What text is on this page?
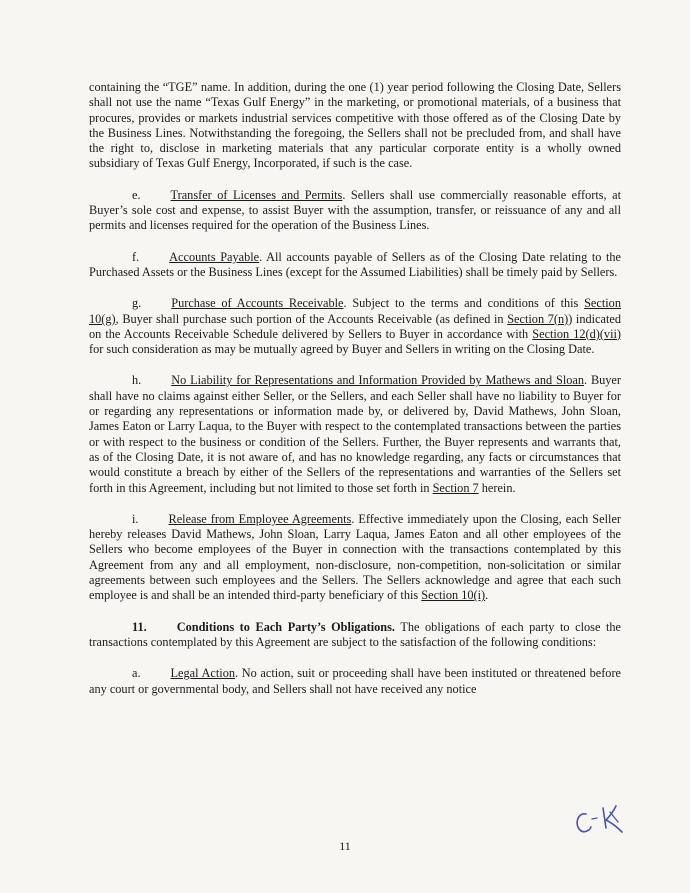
containing the “TGE” name. In addition, during the one (1) year period following the Closing Date, Sellers shall not use the name “Texas Gulf Energy” in the marketing, or promotional materials, of a business that procures, provides or markets industrial services competitive with those offered as of the Closing Date by the Business Lines. Notwithstanding the foregoing, the Sellers shall not be precluded from, and shall have the right to, disclose in marketing materials that any particular corporate entity is a wholly owned subsidiary of Texas Gulf Energy, Incorporated, if such is the case.

e. Transfer of Licenses and Permits. Sellers shall use commercially reasonable efforts, at Buyer’s sole cost and expense, to assist Buyer with the assumption, transfer, or reissuance of any and all permits and licenses required for the operation of the Business Lines.

f. Accounts Payable. All accounts payable of Sellers as of the Closing Date relating to the Purchased Assets or the Business Lines (except for the Assumed Liabilities) shall be timely paid by Sellers.

g. Purchase of Accounts Receivable. Subject to the terms and conditions of this Section 10(g), Buyer shall purchase such portion of the Accounts Receivable (as defined in Section 7(n)) indicated on the Accounts Receivable Schedule delivered by Sellers to Buyer in accordance with Section 12(d)(vii) for such consideration as may be mutually agreed by Buyer and Sellers in writing on the Closing Date.

h. No Liability for Representations and Information Provided by Mathews and Sloan. Buyer shall have no claims against either Seller, or the Sellers, and each Seller shall have no liability to Buyer for or regarding any representations or information made by, or delivered by, David Mathews, John Sloan, James Eaton or Larry Laqua, to the Buyer with respect to the contemplated transactions between the parties or with respect to the business or condition of the Sellers. Further, the Buyer represents and warrants that, as of the Closing Date, it is not aware of, and has no knowledge regarding, any facts or circumstances that would constitute a breach by either of the Sellers of the representations and warranties of the Sellers set forth in this Agreement, including but not limited to those set forth in Section 7 herein.

i. Release from Employee Agreements. Effective immediately upon the Closing, each Seller hereby releases David Mathews, John Sloan, Larry Laqua, James Eaton and all other employees of the Sellers who become employees of the Buyer in connection with the transactions contemplated by this Agreement from any and all employment, non-disclosure, non-competition, non-solicitation or similar agreements between such employees and the Sellers. The Sellers acknowledge and agree that each such employee is and shall be an intended third-party beneficiary of this Section 10(i).

11. Conditions to Each Party’s Obligations. The obligations of each party to close the transactions contemplated by this Agreement are subject to the satisfaction of the following conditions:

a. Legal Action. No action, suit or proceeding shall have been instituted or threatened before any court or governmental body, and Sellers shall not have received any notice

11
